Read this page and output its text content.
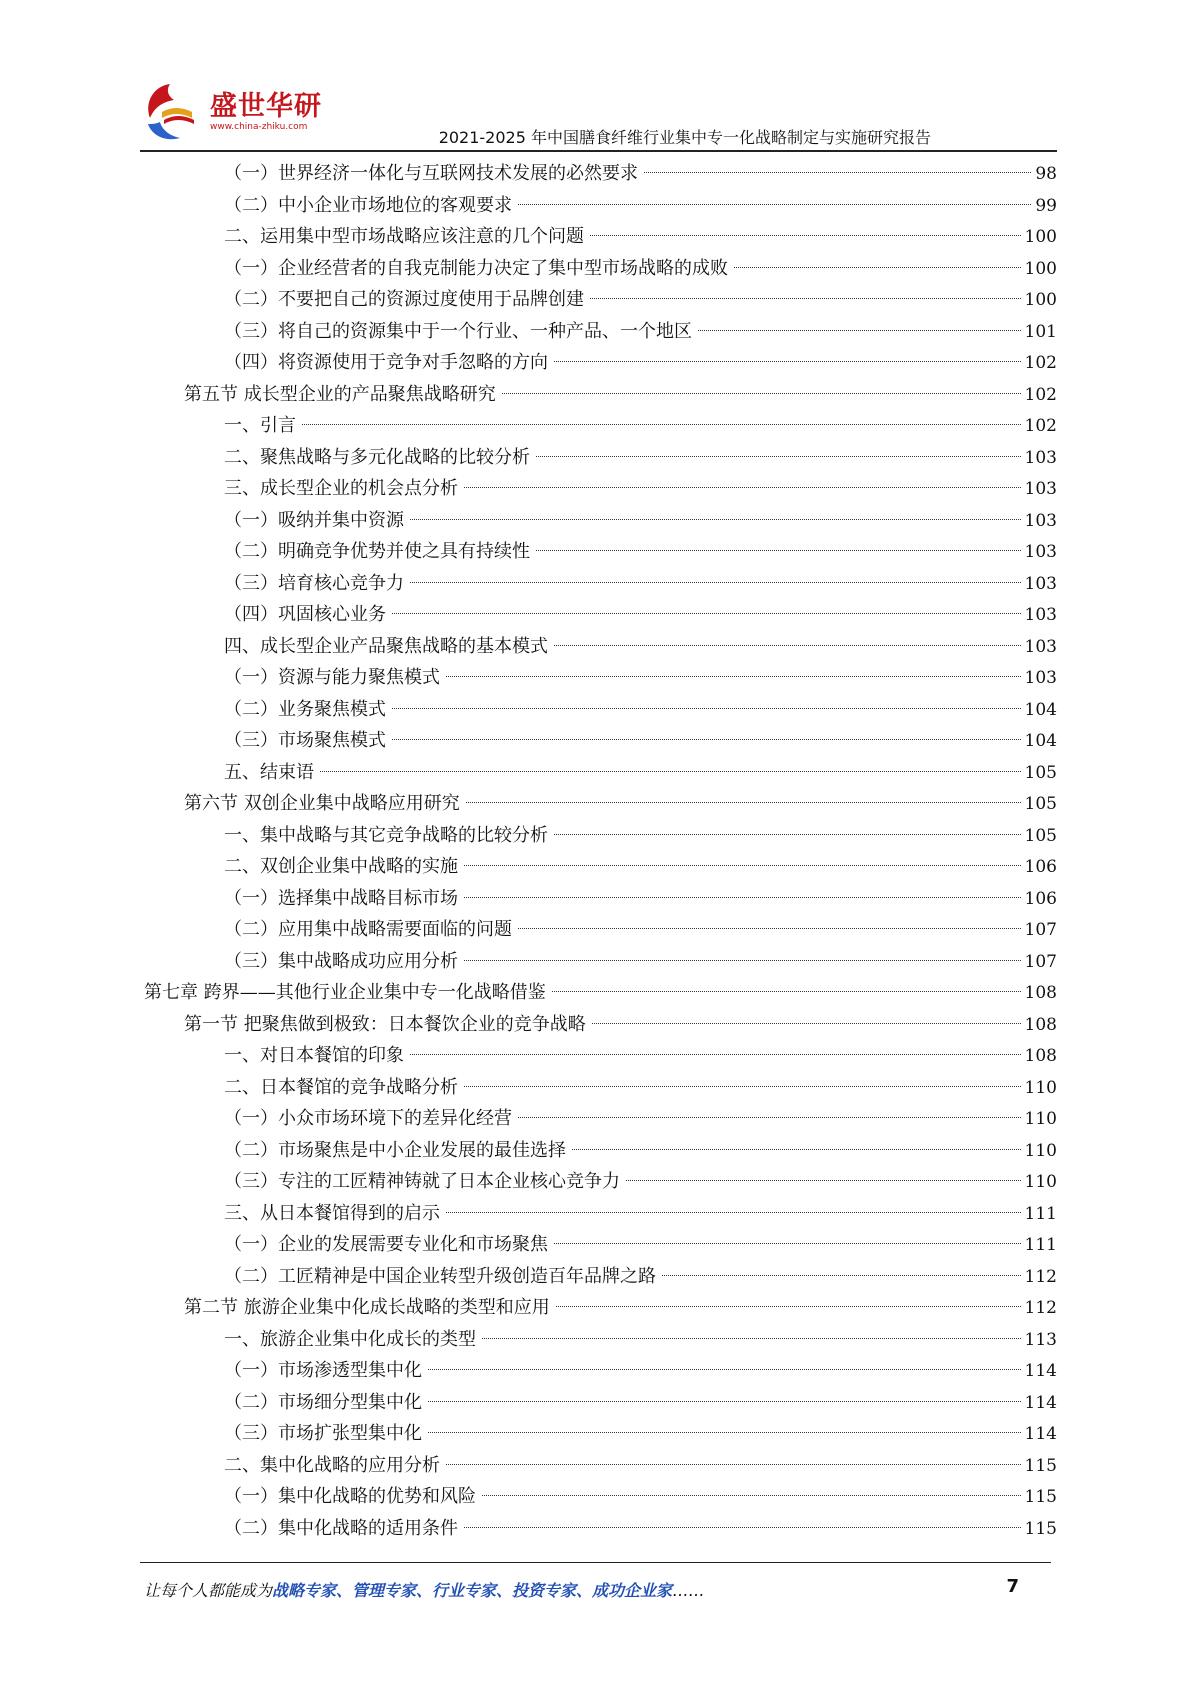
盛世华研
www.china-zhiku.com
2021-2025 年中国膳食纤维行业集中专一化战略制定与实施研究报告
（一）世界经济一体化与互联网技术发展的必然要求	98
（二）中小企业市场地位的客观要求	99
二、运用集中型市场战略应该注意的几个问题	100
（一）企业经营者的自我克制能力决定了集中型市场战略的成败	100
（二）不要把自己的资源过度使用于品牌创建	100
（三）将自己的资源集中于一个行业、一种产品、一个地区	101
（四）将资源使用于竞争对手忽略的方向	102
第五节 成长型企业的产品聚焦战略研究	102
一、引言	102
二、聚焦战略与多元化战略的比较分析	103
三、成长型企业的机会点分析	103
（一）吸纳并集中资源	103
（二）明确竞争优势并使之具有持续性	103
（三）培育核心竞争力	103
（四）巩固核心业务	103
四、成长型企业产品聚焦战略的基本模式	103
（一）资源与能力聚焦模式	103
（二）业务聚焦模式	104
（三）市场聚焦模式	104
五、结束语	105
第六节 双创企业集中战略应用研究	105
一、集中战略与其它竞争战略的比较分析	105
二、双创企业集中战略的实施	106
（一）选择集中战略目标市场	106
（二）应用集中战略需要面临的问题	107
（三）集中战略成功应用分析	107
第七章 跨界——其他行业企业集中专一化战略借鉴	108
第一节 把聚焦做到极致：日本餐饮企业的竞争战略	108
一、对日本餐馆的印象	108
二、日本餐馆的竞争战略分析	110
（一）小众市场环境下的差异化经营	110
（二）市场聚焦是中小企业发展的最佳选择	110
（三）专注的工匠精神铸就了日本企业核心竞争力	110
三、从日本餐馆得到的启示	111
（一）企业的发展需要专业化和市场聚焦	111
（二）工匠精神是中国企业转型升级创造百年品牌之路	112
第二节 旅游企业集中化成长战略的类型和应用	112
一、旅游企业集中化成长的类型	113
（一）市场渗透型集中化	114
（二）市场细分型集中化	114
（三）市场扩张型集中化	114
二、集中化战略的应用分析	115
（一）集中化战略的优势和风险	115
（二）集中化战略的适用条件	115
让每个人都能成为战略专家、管理专家、行业专家、投资专家、成功企业家……	7
